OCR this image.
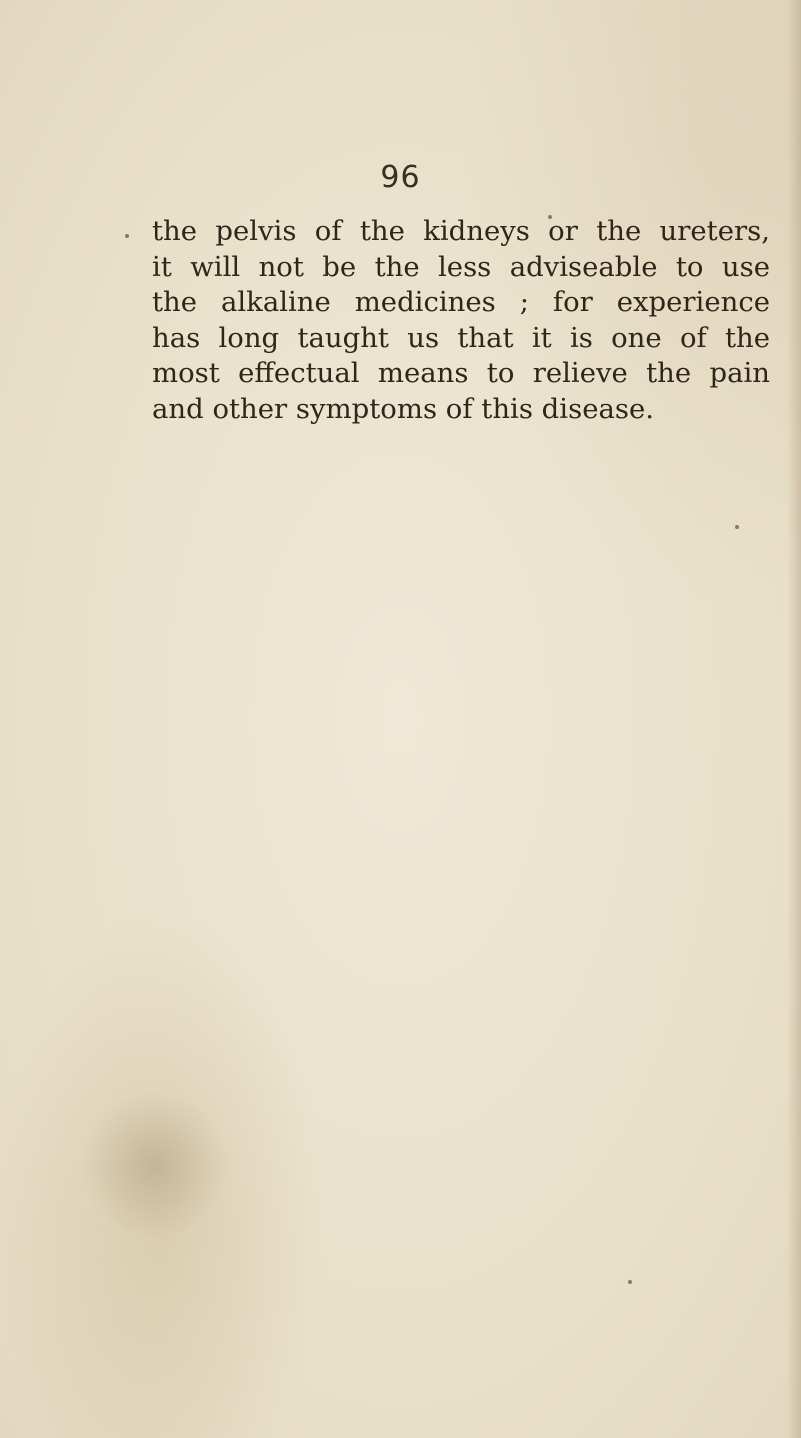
96
the pelvis of the kidneys or the ureters,
it will not be the less adviseable to use
the alkaline medicines ; for experience
has long taught us that it is one of the
most effectual means to relieve the pain
and other symptoms of this disease.
